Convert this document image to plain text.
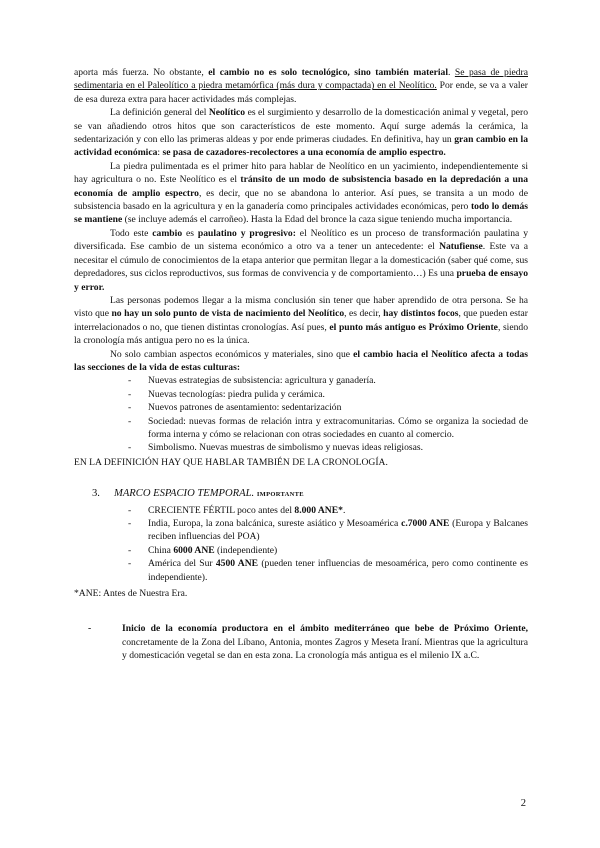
aporta más fuerza. No obstante, el cambio no es solo tecnológico, sino también material. Se pasa de piedra sedimentaria en el Paleolítico a piedra metamórfica (más dura y compactada) en el Neolítico. Por ende, se va a valer de esa dureza extra para hacer actividades más complejas.

La definición general del Neolítico es el surgimiento y desarrollo de la domesticación animal y vegetal, pero se van añadiendo otros hitos que son característicos de este momento. Aquí surge además la cerámica, la sedentarización y con ello las primeras aldeas y por ende primeras ciudades. En definitiva, hay un gran cambio en la actividad económica: se pasa de cazadores-recolectores a una economía de amplio espectro.

La piedra pulimentada es el primer hito para hablar de Neolítico en un yacimiento, independientemente si hay agricultura o no. Este Neolítico es el tránsito de un modo de subsistencia basado en la depredación a una economía de amplio espectro, es decir, que no se abandona lo anterior. Así pues, se transita a un modo de subsistencia basado en la agricultura y en la ganadería como principales actividades económicas, pero todo lo demás se mantiene (se incluye además el carroñeo). Hasta la Edad del bronce la caza sigue teniendo mucha importancia.

Todo este cambio es paulatino y progresivo: el Neolítico es un proceso de transformación paulatina y diversificada. Ese cambio de un sistema económico a otro va a tener un antecedente: el Natufiense. Este va a necesitar el cúmulo de conocimientos de la etapa anterior que permitan llegar a la domesticación (saber qué come, sus depredadores, sus ciclos reproductivos, sus formas de convivencia y de comportamiento…) Es una prueba de ensayo y error.

Las personas podemos llegar a la misma conclusión sin tener que haber aprendido de otra persona. Se ha visto que no hay un solo punto de vista de nacimiento del Neolítico, es decir, hay distintos focos, que pueden estar interrelacionados o no, que tienen distintas cronologías. Así pues, el punto más antiguo es Próximo Oriente, siendo la cronología más antigua pero no es la única.

No solo cambian aspectos económicos y materiales, sino que el cambio hacia el Neolítico afecta a todas las secciones de la vida de estas culturas:

- Nuevas estrategias de subsistencia: agricultura y ganadería.
- Nuevas tecnologías: piedra pulida y cerámica.
- Nuevos patrones de asentamiento: sedentarización
- Sociedad: nuevas formas de relación intra y extracomunitarias. Cómo se organiza la sociedad de forma interna y cómo se relacionan con otras sociedades en cuanto al comercio.
- Simbolismo. Nuevas muestras de simbolismo y nuevas ideas religiosas.

EN LA DEFINICIÓN HAY QUE HABLAR TAMBIÉN DE LA CRONOLOGÍA.

3. MARCO ESPACIO TEMPORAL. IMPORTANTE
- CRECIENTE FÉRTIL poco antes del 8.000 ANE*.
- India, Europa, la zona balcánica, sureste asiático y Mesoamérica c.7000 ANE (Europa y Balcanes reciben influencias del POA)
- China 6000 ANE (independiente)
- América del Sur 4500 ANE (pueden tener influencias de mesoamérica, pero como continente es independiente).

*ANE: Antes de Nuestra Era.

- Inicio de la economía productora en el ámbito mediterráneo que bebe de Próximo Oriente, concretamente de la Zona del Líbano, Antonia, montes Zagros y Meseta Iraní. Mientras que la agricultura y domesticación vegetal se dan en esta zona. La cronología más antigua es el milenio IX a.C.
2
